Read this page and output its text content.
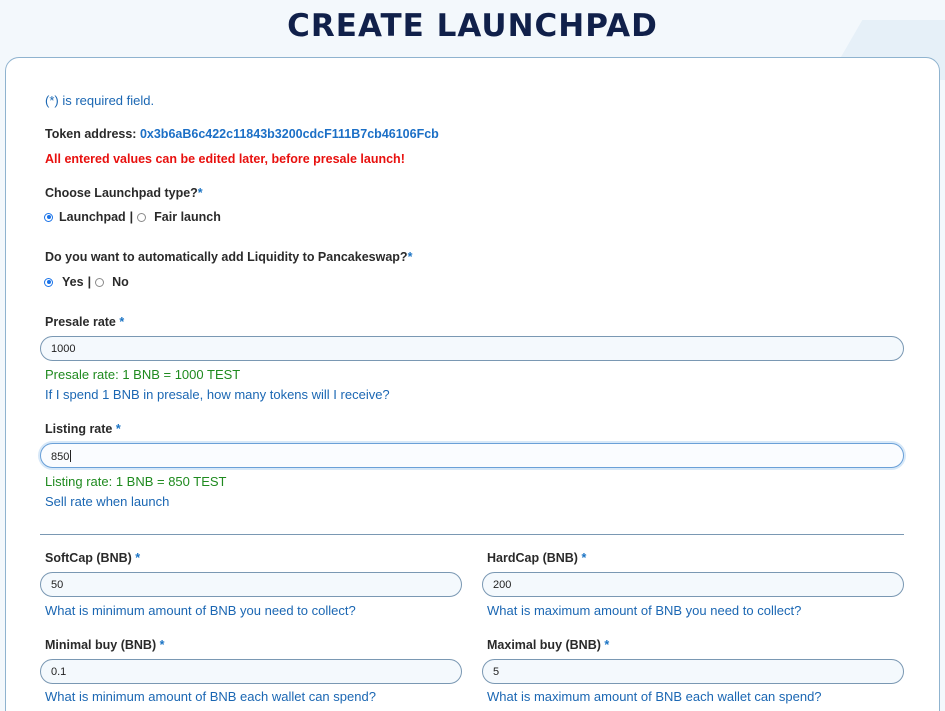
CREATE LAUNCHPAD
(*) is required field.
Token address: 0x3b6aB6c422c11843b3200cdcF111B7cb46106Fcb
All entered values can be edited later, before presale launch!
Choose Launchpad type?*
Launchpad | Fair launch
Do you want to automatically add Liquidity to Pancakeswap?*
Yes | No
Presale rate *
1000
Presale rate: 1 BNB = 1000 TEST
If I spend 1 BNB in presale, how many tokens will I receive?
Listing rate *
850
Listing rate: 1 BNB = 850 TEST
Sell rate when launch
SoftCap (BNB) *
50
What is minimum amount of BNB you need to collect?
HardCap (BNB) *
200
What is maximum amount of BNB you need to collect?
Minimal buy (BNB) *
0.1
What is minimum amount of BNB each wallet can spend?
Maximal buy (BNB) *
5
What is maximum amount of BNB each wallet can spend?
